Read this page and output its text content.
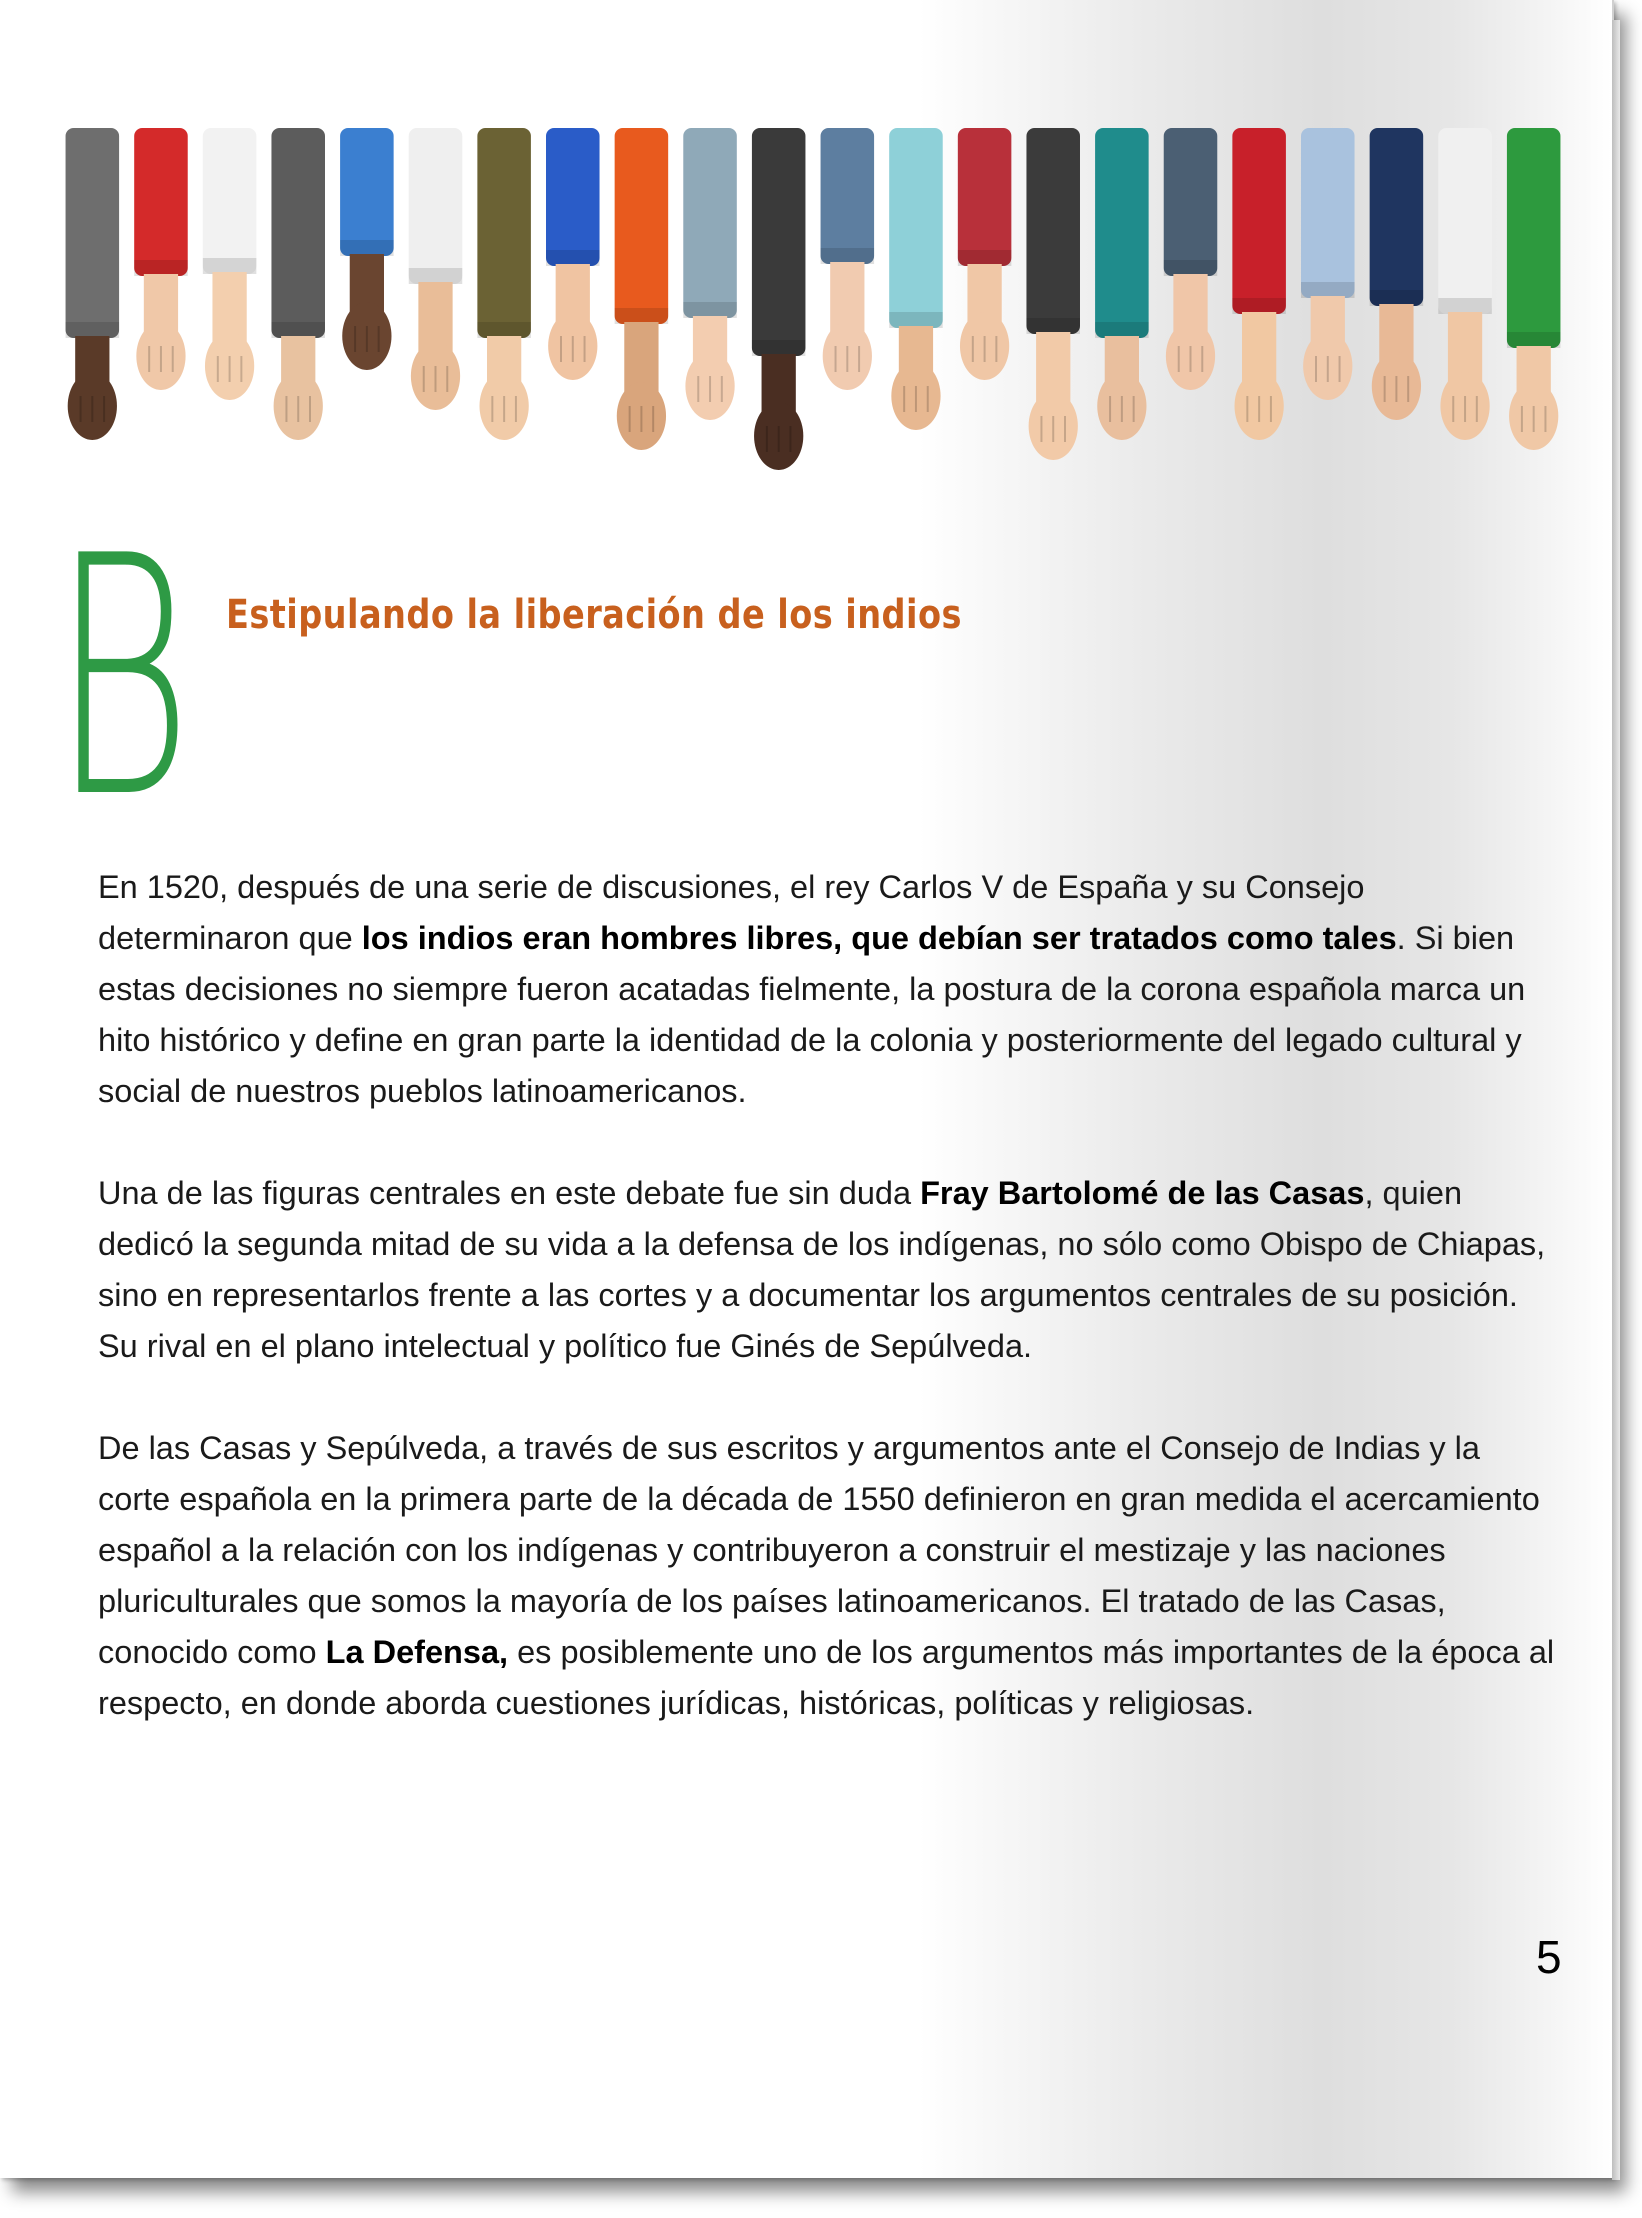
B Estipulando la liberación de los indios

En 1520, después de una serie de discusiones, el rey Carlos V de España y su Consejo determinaron que los indios eran hombres libres, que debían ser tratados como tales. Si bien estas decisiones no siempre fueron acatadas fielmente, la postura de la corona española marca un hito histórico y define en gran parte la identidad de la colonia y posteriormente del legado cultural y social de nuestros pueblos latinoamericanos.

Una de las figuras centrales en este debate fue sin duda Fray Bartolomé de las Casas, quien dedicó la segunda mitad de su vida a la defensa de los indígenas, no sólo como Obispo de Chiapas, sino en representarlos frente a las cortes y a documentar los argumentos centrales de su posición. Su rival en el plano intelectual y político fue Ginés de Sepúlveda.

De las Casas y Sepúlveda, a través de sus escritos y argumentos ante el Consejo de Indias y la corte española en la primera parte de la década de 1550 definieron en gran medida el acercamiento español a la relación con los indígenas y contribuyeron a construir el mestizaje y las naciones pluriculturales que somos la mayoría de los países latinoamericanos. El tratado de las Casas, conocido como La Defensa, es posiblemente uno de los argumentos más importantes de la época al respecto, en donde aborda cuestiones jurídicas, históricas, políticas y religiosas.

5
